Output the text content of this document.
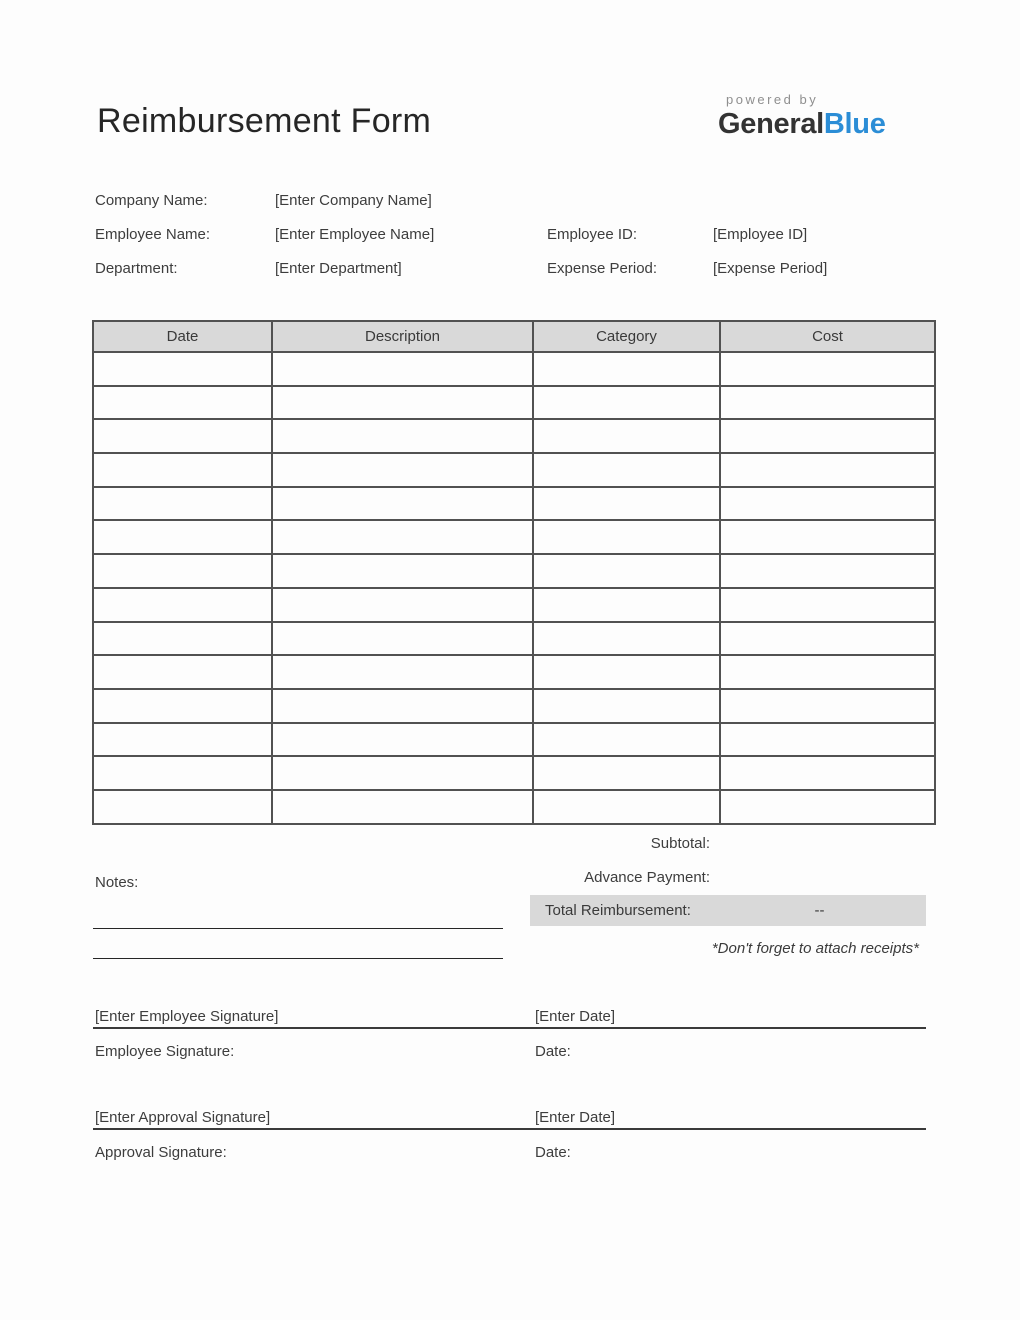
Reimbursement Form
powered by
GeneralBlue
Company Name:	[Enter Company Name]
Employee Name:	[Enter Employee Name]	Employee ID:	[Employee ID]
Department:	[Enter Department]	Expense Period:	[Expense Period]
Date	Description	Category	Cost

Subtotal:
Advance Payment:
Total Reimbursement:	--
*Don't forget to attach receipts*
Notes:
[Enter Employee Signature]	[Enter Date]
Employee Signature:	Date:
[Enter Approval Signature]	[Enter Date]
Approval Signature:	Date:
